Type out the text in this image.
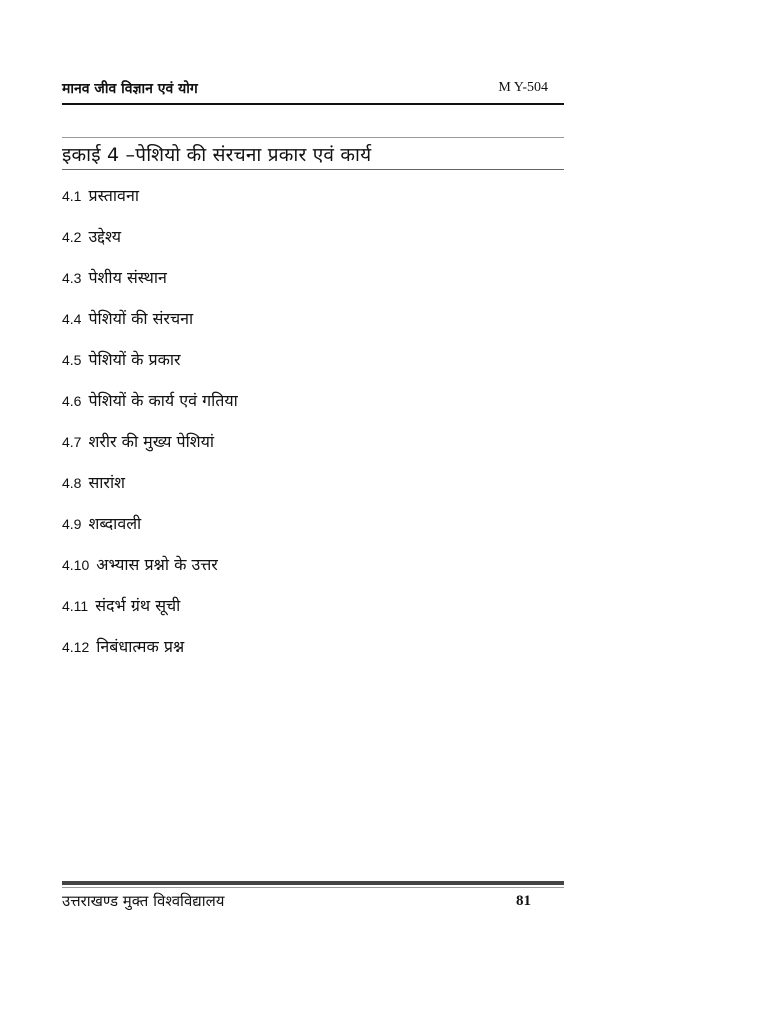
मानव जीव विज्ञान एवं योग	M Y-504
इकाई 4 –पेशियो की संरचना प्रकार एवं कार्य
4.1 प्रस्तावना
4.2 उद्देश्य
4.3 पेशीय संस्थान
4.4 पेशियों की संरचना
4.5 पेशियों के प्रकार
4.6 पेशियों के कार्य एवं गतिया
4.7 शरीर की मुख्य पेशियां
4.8 सारांश
4.9 शब्दावली
4.10 अभ्यास प्रश्नो के उत्तर
4.11 संदर्भ ग्रंथ सूची
4.12 निबंधात्मक प्रश्न
उत्तराखण्ड मुक्त विश्वविद्यालय	81
